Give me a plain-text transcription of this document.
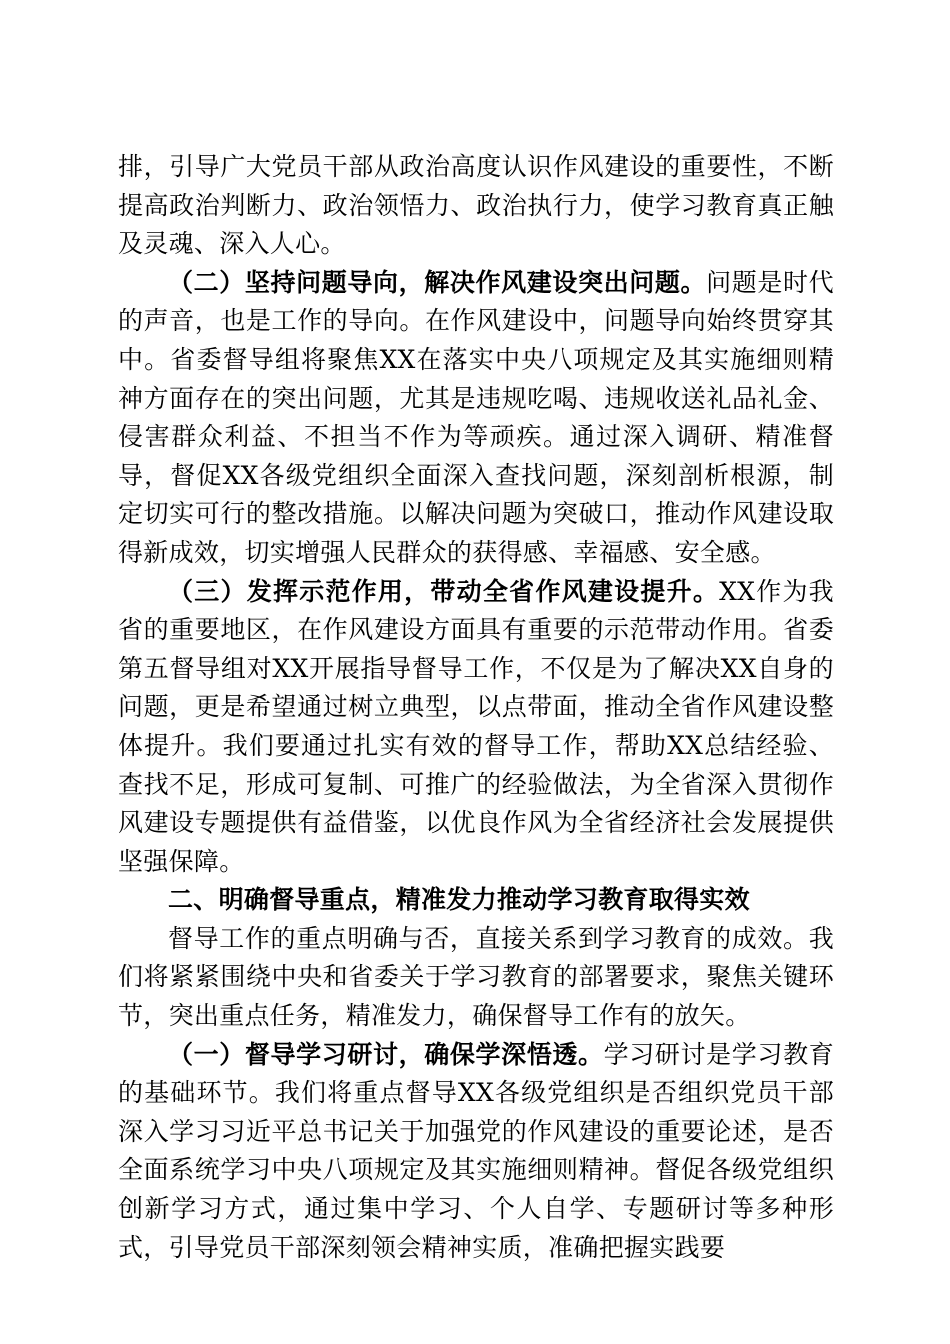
排，引导广大党员干部从政治高度认识作风建设的重要性，不断提高政治判断力、政治领悟力、政治执行力，使学习教育真正触及灵魂、深入人心。

（二）坚持问题导向，解决作风建设突出问题。问题是时代的声音，也是工作的导向。在作风建设中，问题导向始终贯穿其中。省委督导组将聚焦XX在落实中央八项规定及其实施细则精神方面存在的突出问题，尤其是违规吃喝、违规收送礼品礼金、侵害群众利益、不担当不作为等顽疾。通过深入调研、精准督导，督促XX各级党组织全面深入查找问题，深刻剖析根源，制定切实可行的整改措施。以解决问题为突破口，推动作风建设取得新成效，切实增强人民群众的获得感、幸福感、安全感。

（三）发挥示范作用，带动全省作风建设提升。XX作为我省的重要地区，在作风建设方面具有重要的示范带动作用。省委第五督导组对XX开展指导督导工作，不仅是为了解决XX自身的问题，更是希望通过树立典型，以点带面，推动全省作风建设整体提升。我们要通过扎实有效的督导工作，帮助XX总结经验、查找不足，形成可复制、可推广的经验做法，为全省深入贯彻作风建设专题提供有益借鉴，以优良作风为全省经济社会发展提供坚强保障。

二、明确督导重点，精准发力推动学习教育取得实效

督导工作的重点明确与否，直接关系到学习教育的成效。我们将紧紧围绕中央和省委关于学习教育的部署要求，聚焦关键环节，突出重点任务，精准发力，确保督导工作有的放矢。

（一）督导学习研讨，确保学深悟透。学习研讨是学习教育的基础环节。我们将重点督导XX各级党组织是否组织党员干部深入学习习近平总书记关于加强党的作风建设的重要论述，是否全面系统学习中央八项规定及其实施细则精神。督促各级党组织创新学习方式，通过集中学习、个人自学、专题研讨等多种形式，引导党员干部深刻领会精神实质，准确把握实践要
